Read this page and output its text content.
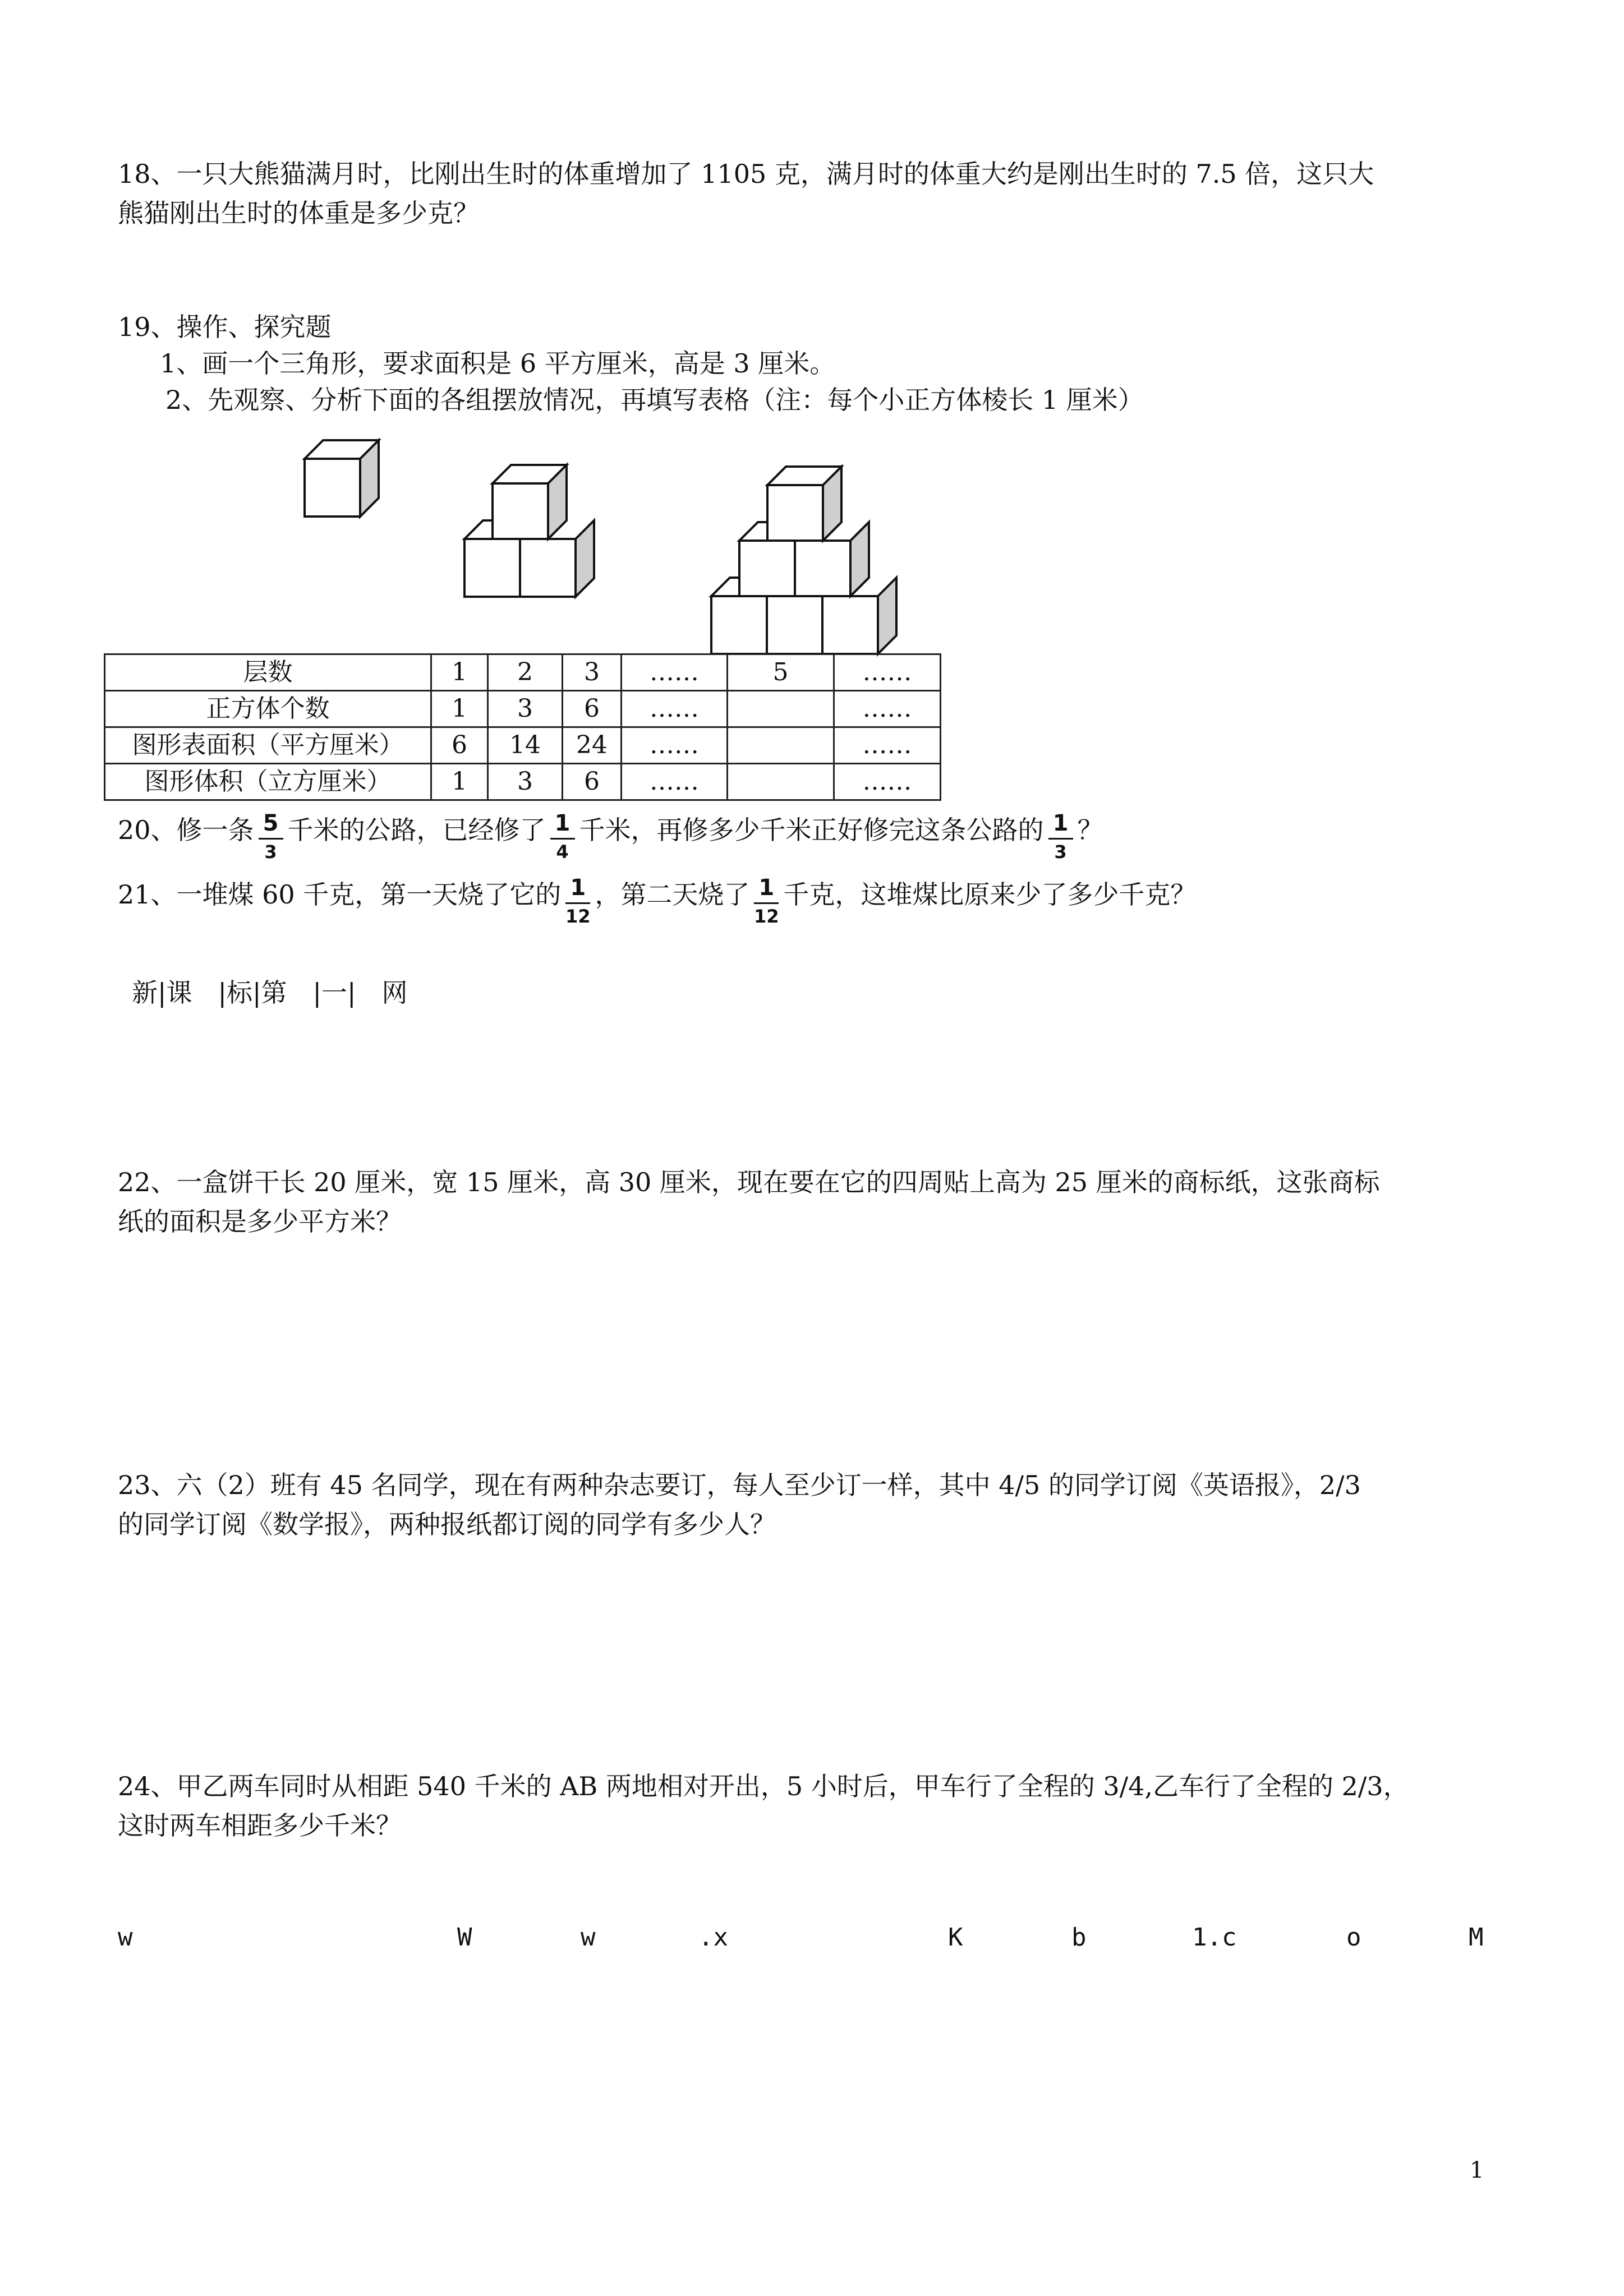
18、一只大熊猫满月时，比刚出生时的体重增加了 1105 克，满月时的体重大约是刚出生时的 7.5 倍，这只大
熊猫刚出生时的体重是多少克？
19、操作、探究题
1、画一个三角形，要求面积是 6 平方厘米，高是 3 厘米。
2、先观察、分析下面的各组摆放情况，再填写表格（注：每个小正方体棱长 1 厘米）
层数	1	2	3	……	5	……
正方体个数	1	3	6	……		……
图形表面积（平方厘米）	6	14	24	……		……
图形体积（立方厘米）	1	3	6	……		……
20、修一条 $\frac{5}{3}$ 千米的公路，已经修了 $\frac{1}{4}$ 千米，再修多少千米正好修完这条公路的 $\frac{1}{3}$ ？
21、一堆煤 60 千克，第一天烧了它的 $\frac{1}{12}$ ，第二天烧了 $\frac{1}{12}$ 千克，这堆煤比原来少了多少千克？
新|课　|标|第　|一|　网
22、一盒饼干长 20 厘米，宽 15 厘米，高 30 厘米，现在要在它的四周贴上高为 25 厘米的商标纸，这张商标
纸的面积是多少平方米？
23、六（2）班有 45 名同学，现在有两种杂志要订，每人至少订一样，其中 4/5 的同学订阅《英语报》，2/3
的同学订阅《数学报》，两种报纸都订阅的同学有多少人？
24、甲乙两车同时从相距 540 千米的 AB 两地相对开出，5 小时后，甲车行了全程的 3/4,乙车行了全程的 2/3，
这时两车相距多少千米？
w	W	w	.x	K	b	1.c	o	M
1
